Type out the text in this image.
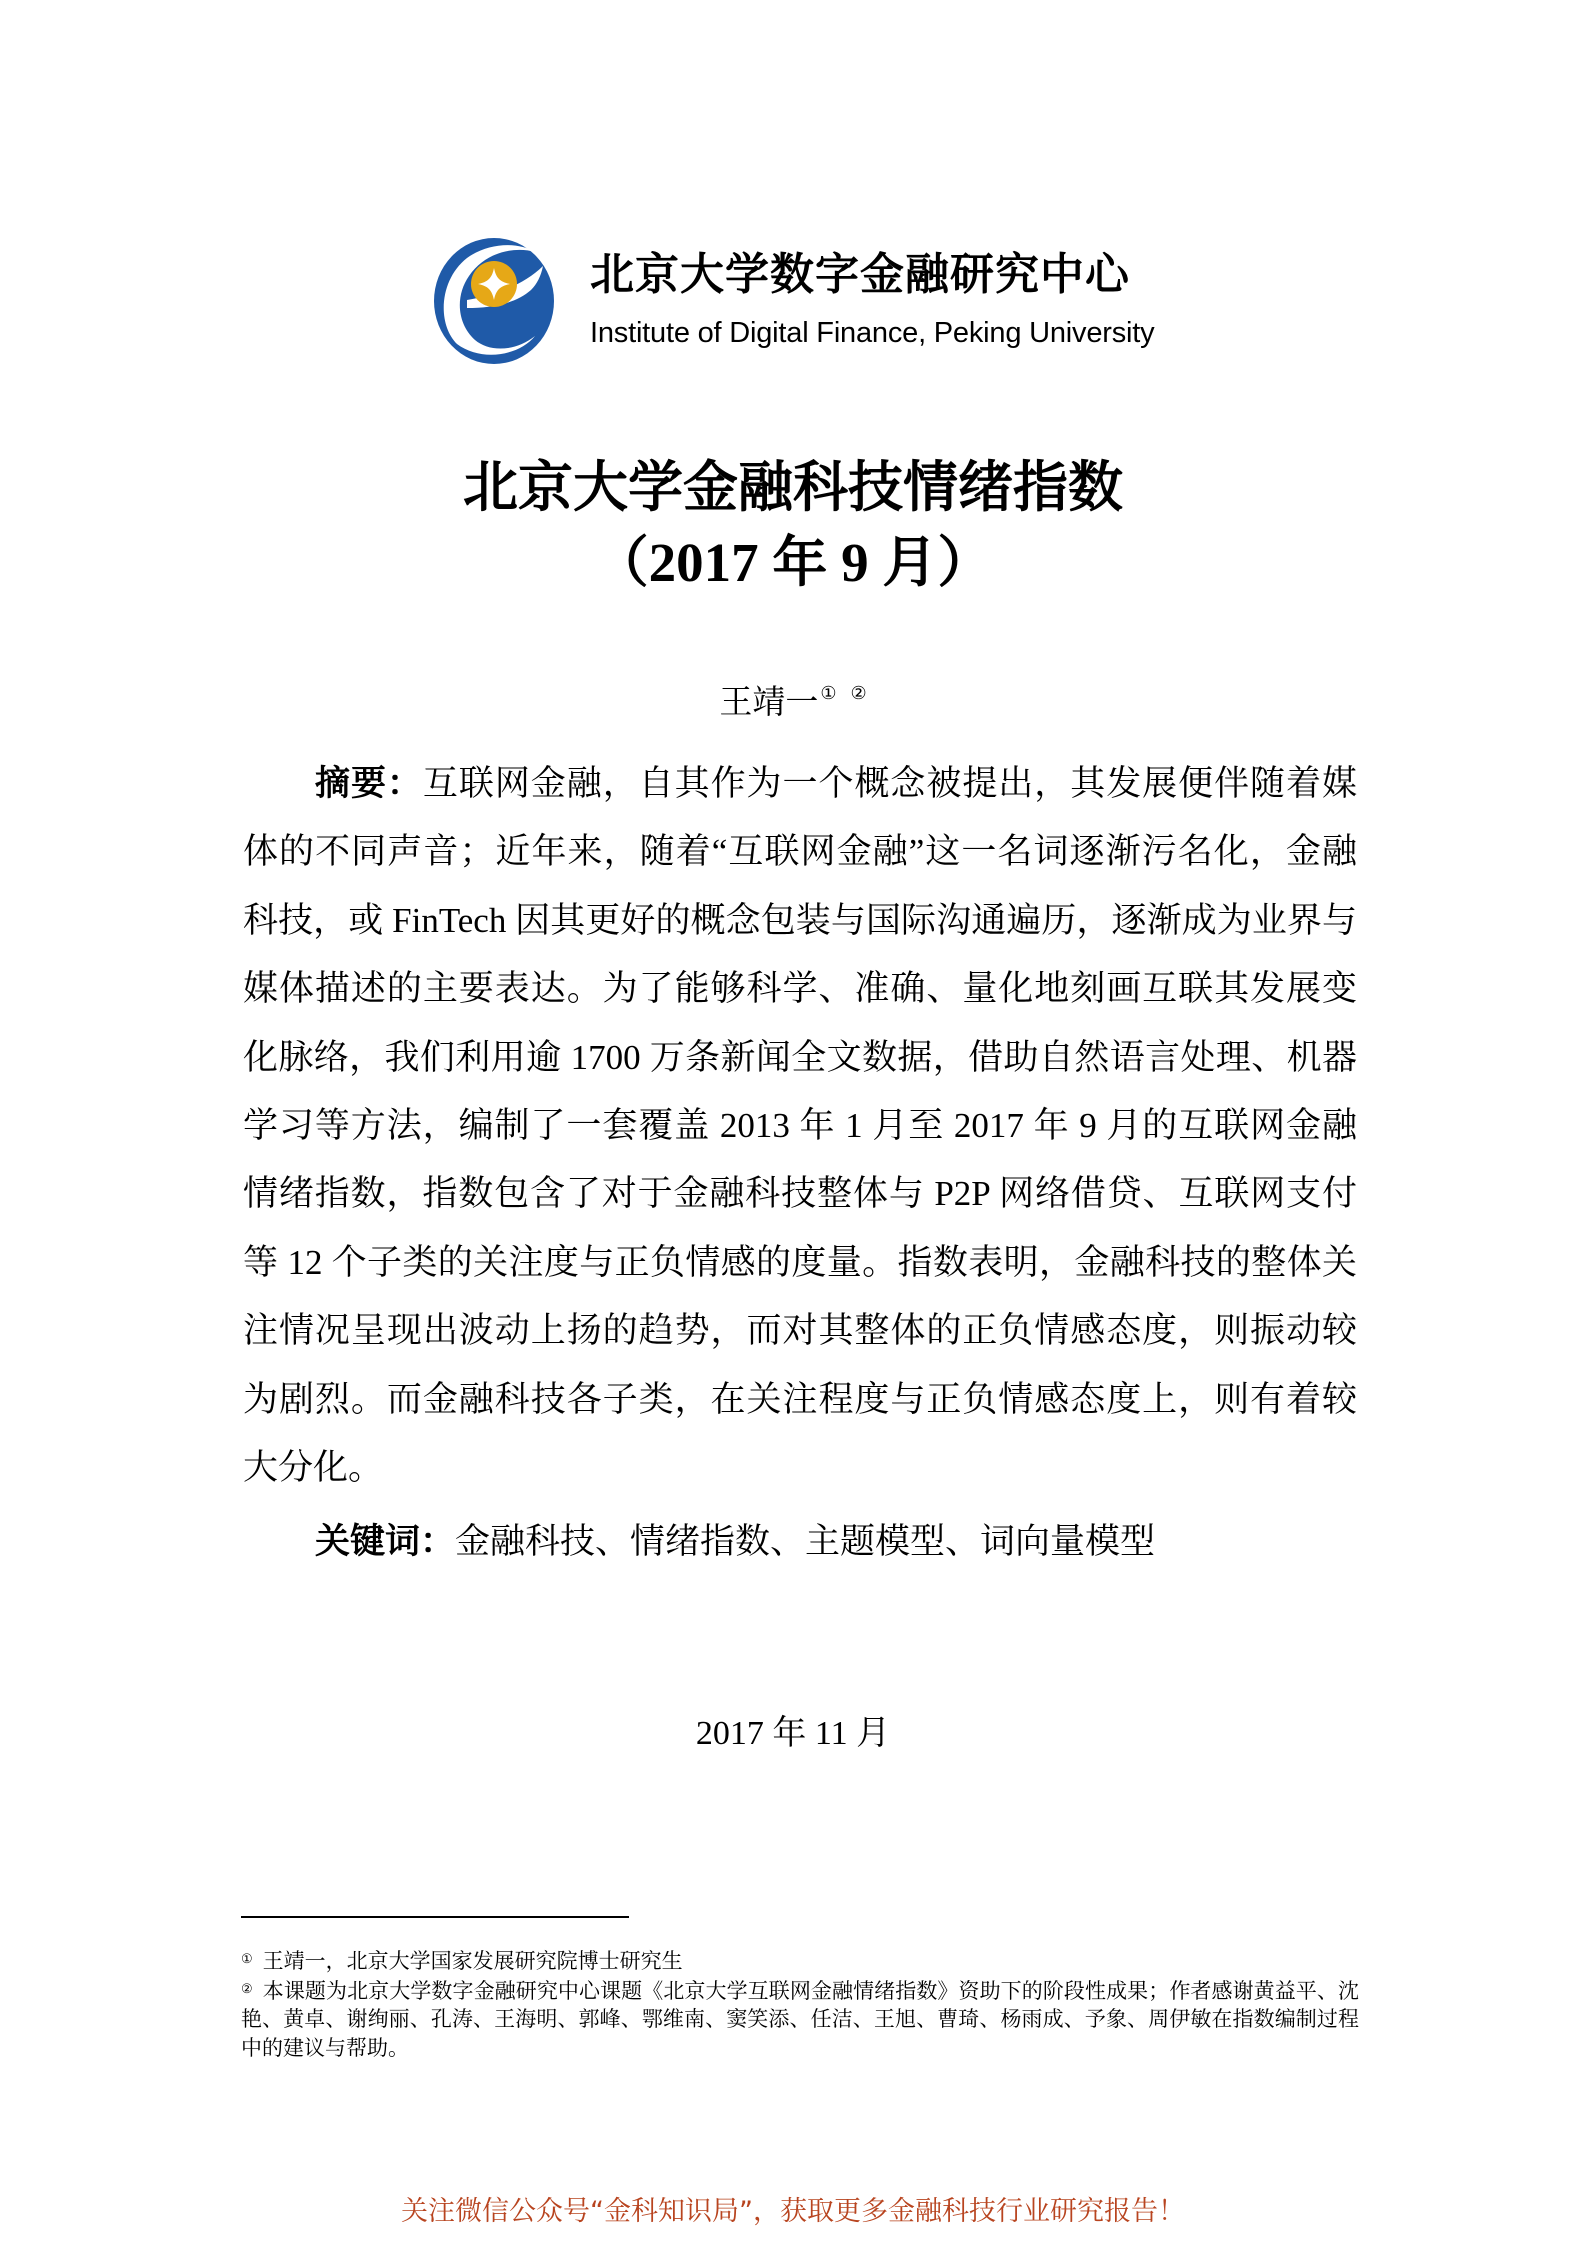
北京大学数字金融研究中心
Institute of Digital Finance, Peking University
北京大学金融科技情绪指数
（2017 年 9 月）
王靖一 ① ②
摘要：互联网金融，自其作为一个概念被提出，其发展便伴随着媒体的不同声音；近年来，随着“互联网金融”这一名词逐渐污名化，金融科技，或 FinTech 因其更好的概念包装与国际沟通遍历，逐渐成为业界与媒体描述的主要表达。为了能够科学、准确、量化地刻画互联其发展变化脉络，我们利用逾 1700 万条新闻全文数据，借助自然语言处理、机器学习等方法，编制了一套覆盖 2013 年 1 月至 2017 年 9 月的互联网金融情绪指数，指数包含了对于金融科技整体与 P2P 网络借贷、互联网支付等 12 个子类的关注度与正负情感的度量。指数表明，金融科技的整体关注情况呈现出波动上扬的趋势，而对其整体的正负情感态度，则振动较为剧烈。而金融科技各子类，在关注程度与正负情感态度上，则有着较大分化。
关键词：金融科技、情绪指数、主题模型、词向量模型
2017 年 11 月

① 王靖一，北京大学国家发展研究院博士研究生

② 本课题为北京大学数字金融研究中心课题《北京大学互联网金融情绪指数》资助下的阶段性成果；作者感谢黄益平、沈艳、黄卓、谢绚丽、孔涛、王海明、郭峰、鄂维南、窦笑添、任洁、王旭、曹琦、杨雨成、予象、周伊敏在指数编制过程中的建议与帮助。

关注微信公众号“金科知识局”，获取更多金融科技行业研究报告！
